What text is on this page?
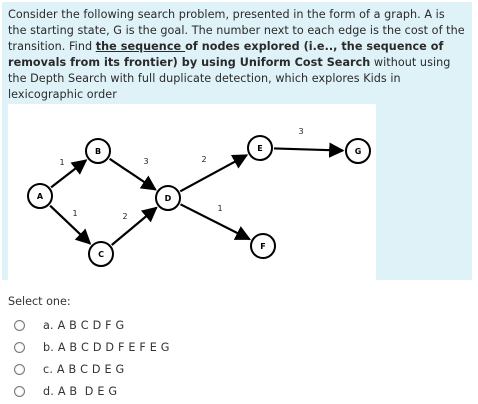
Consider the following search problem, presented in the form of a graph. A is
the starting state, G is the goal. The number next to each edge is the cost of the
transition. Find the sequence of nodes explored (i.e.., the sequence of
removals from its frontier) by using Uniform Cost Search without using
the Depth Search with full duplicate detection, which explores Kids in
lexicographic order
1
1
3
2
2
1
3
A
B
C
D
E
F
G
Select one:
a. A B C D F G
b. A B C D D F E F E G
c. A B C D E G
d. A B  D E G
